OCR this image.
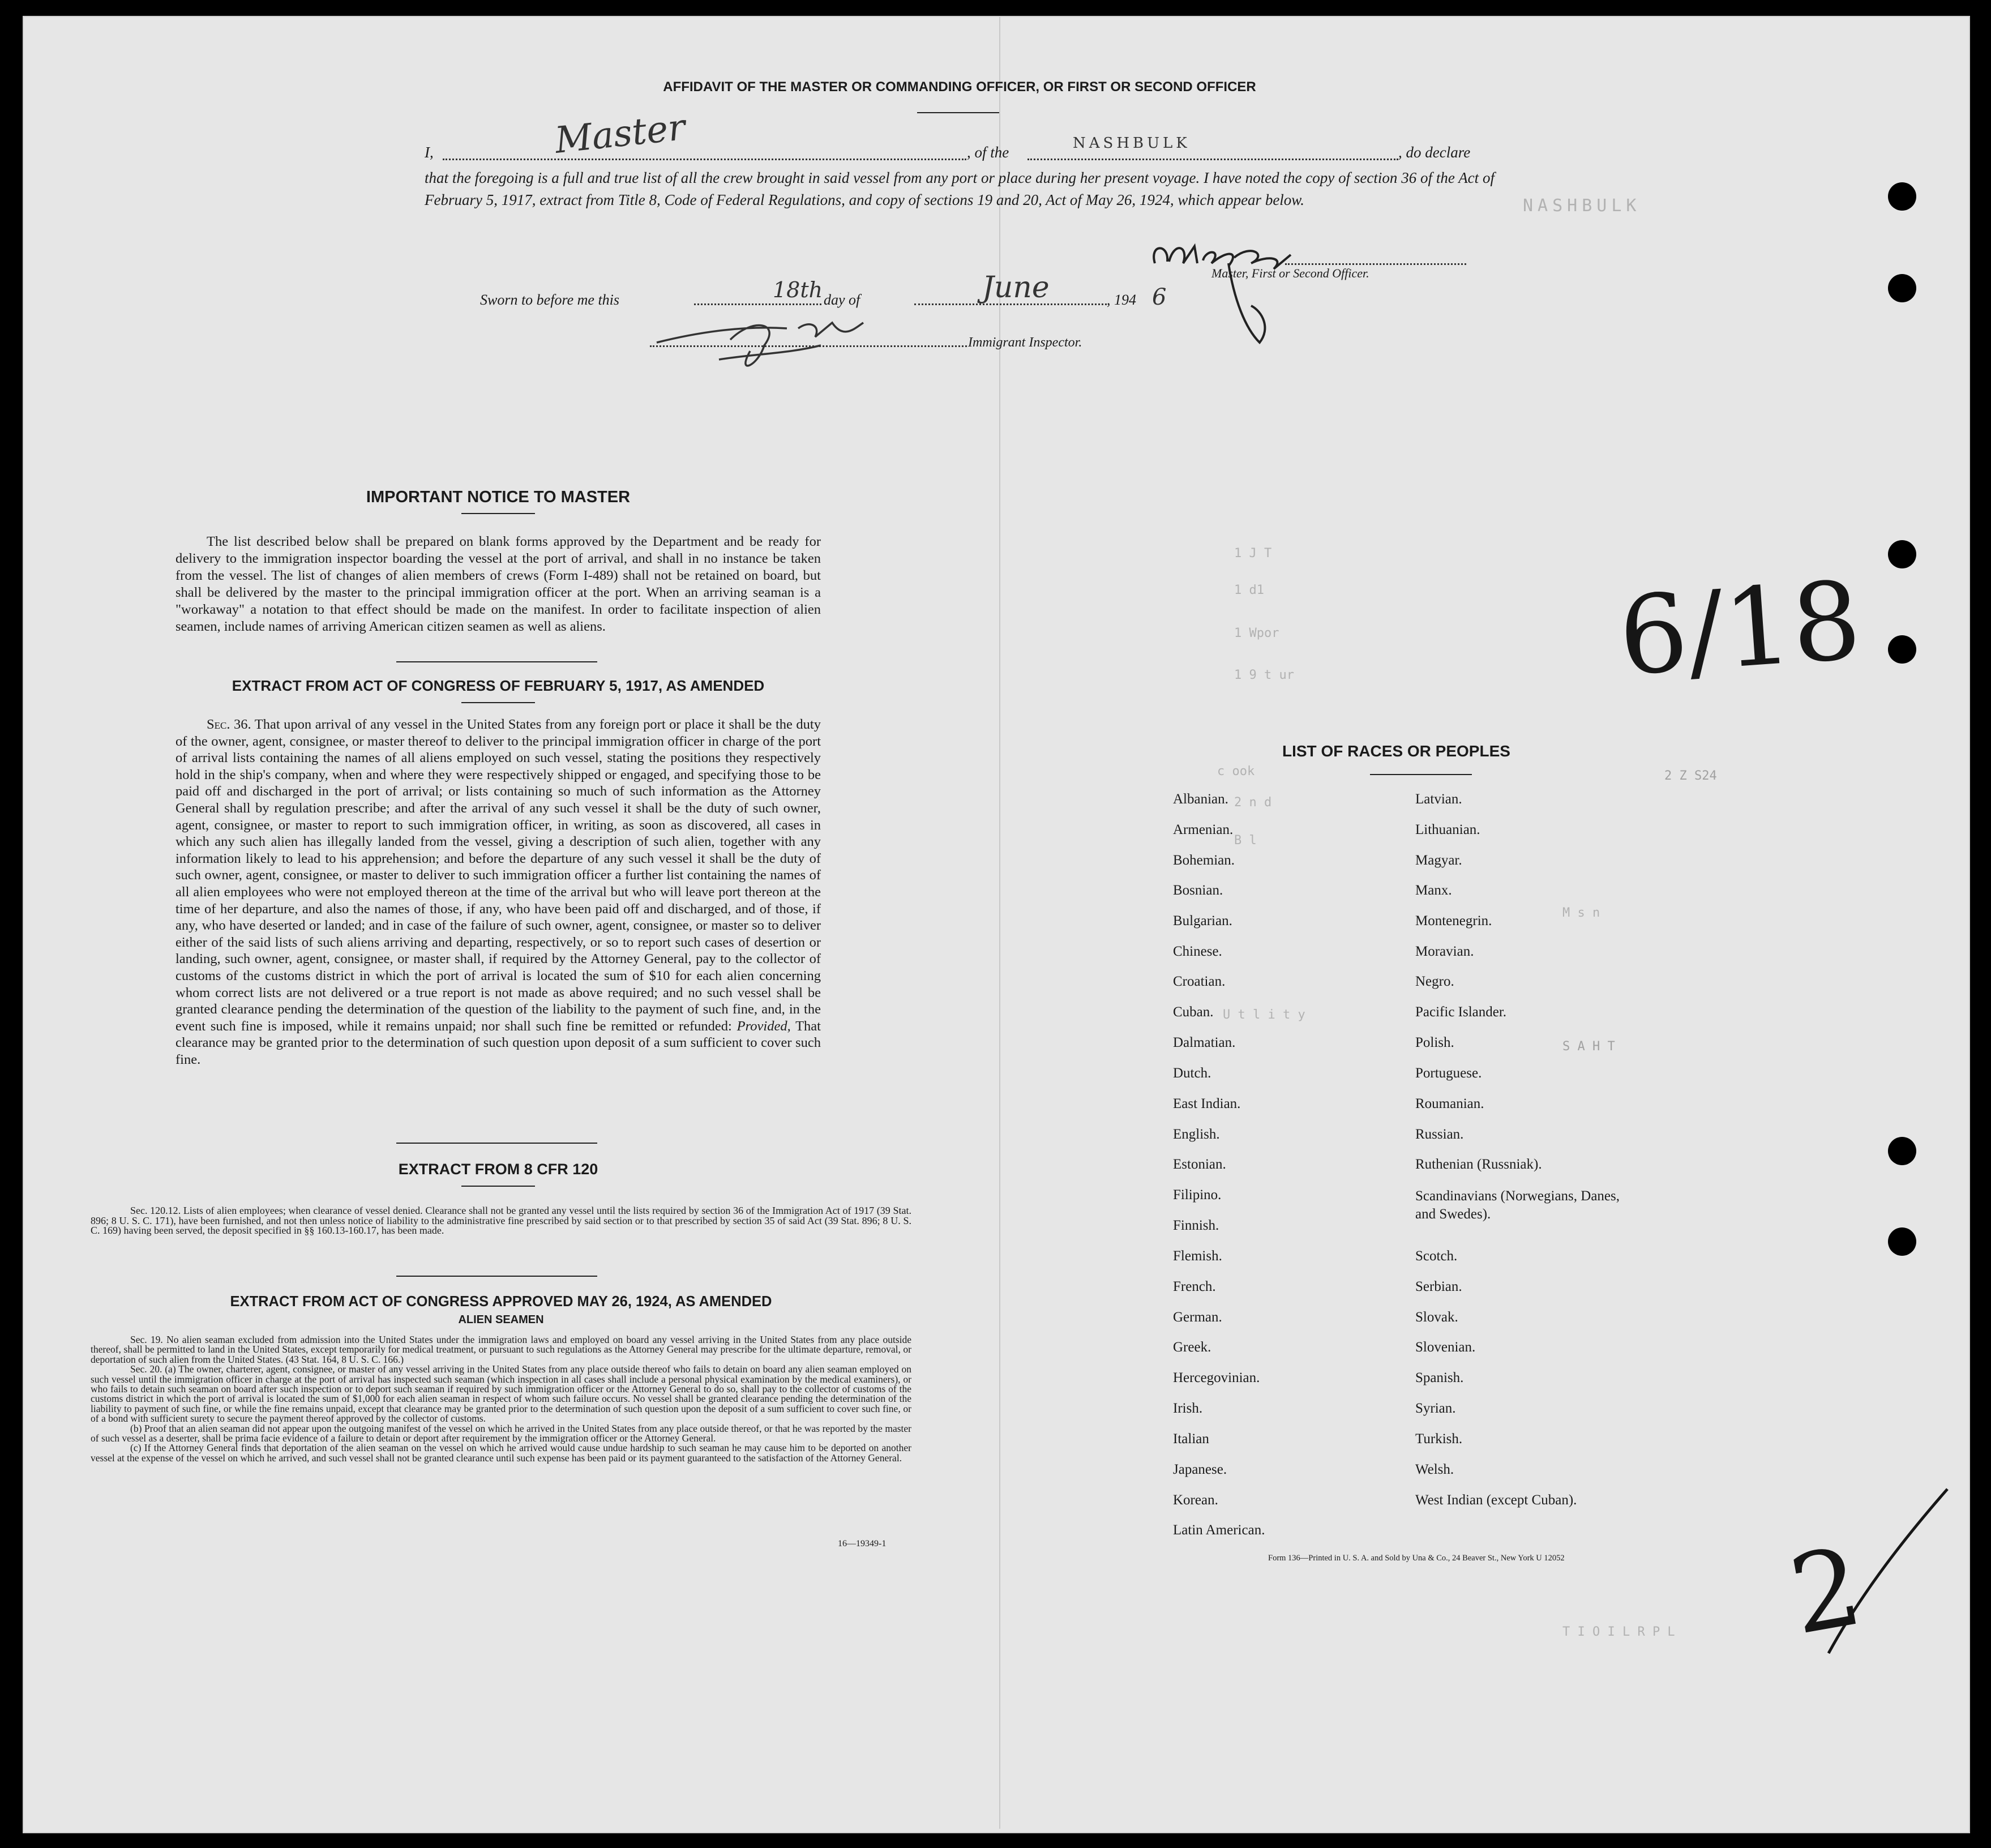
AFFIDAVIT OF THE MASTER OR COMMANDING OFFICER, OR FIRST OR SECOND OFFICER
I,	Master	, of the
NASHBULK
, do declare
that the foregoing is a full and true list of all the crew brought in said vessel from any port or place during her present voyage. I have noted the copy of section 36 of the Act of February 5, 1917, extract from Title 8, Code of Federal Regulations, and copy of sections 19 and 20, Act of May 26, 1924, which appear below.
Master, First or Second Officer.
Sworn to before me this	18th day of	June	, 194 6
Immigrant Inspector.
IMPORTANT NOTICE TO MASTER

The list described below shall be prepared on blank forms approved by the Department and be ready for delivery to the immigration inspector boarding the vessel at the port of arrival, and shall in no instance be taken from the vessel. The list of changes of alien members of crews (Form I-489) shall not be retained on board, but shall be delivered by the master to the principal immigration officer at the port. When an arriving seaman is a "workaway" a notation to that effect should be made on the manifest. In order to facilitate inspection of alien seamen, include names of arriving American citizen seamen as well as aliens.

EXTRACT FROM ACT OF CONGRESS OF FEBRUARY 5, 1917, AS AMENDED

Sec. 36. That upon arrival of any vessel in the United States from any foreign port or place it shall be the duty of the owner, agent, consignee, or master thereof to deliver to the principal immigration officer in charge of the port of arrival lists containing the names of all aliens employed on such vessel, stating the positions they respectively hold in the ship's company, when and where they were respectively shipped or engaged, and specifying those to be paid off and discharged in the port of arrival; or lists containing so much of such information as the Attorney General shall by regulation prescribe; and after the arrival of any such vessel it shall be the duty of such owner, agent, consignee, or master to report to such immigration officer, in writing, as soon as discovered, all cases in which any such alien has illegally landed from the vessel, giving a description of such alien, together with any information likely to lead to his apprehension; and before the departure of any such vessel it shall be the duty of such owner, agent, consignee, or master to deliver to such immigration officer a further list containing the names of all alien employees who were not employed thereon at the time of the arrival but who will leave port thereon at the time of her departure, and also the names of those, if any, who have been paid off and discharged, and of those, if any, who have deserted or landed; and in case of the failure of such owner, agent, consignee, or master so to deliver either of the said lists of such aliens arriving and departing, respectively, or so to report such cases of desertion or landing, such owner, agent, consignee, or master shall, if required by the Attorney General, pay to the collector of customs of the customs district in which the port of arrival is located the sum of $10 for each alien concerning whom correct lists are not delivered or a true report is not made as above required; and no such vessel shall be granted clearance pending the determination of the question of the liability to the payment of such fine, and, in the event such fine is imposed, while it remains unpaid; nor shall such fine be remitted or refunded: Provided, That clearance may be granted prior to the determination of such question upon deposit of a sum sufficient to cover such fine.

EXTRACT FROM 8 CFR 120

Sec. 120.12. Lists of alien employees; when clearance of vessel denied. Clearance shall not be granted any vessel until the lists required by section 36 of the Immigration Act of 1917 (39 Stat. 896; 8 U. S. C. 171), have been furnished, and not then unless notice of liability to the administrative fine prescribed by said section or to that prescribed by section 35 of said Act (39 Stat. 896; 8 U. S. C. 169) having been served, the deposit specified in §§ 160.13-160.17, has been made.

EXTRACT FROM ACT OF CONGRESS APPROVED MAY 26, 1924, AS AMENDED
ALIEN SEAMEN

Sec. 19. No alien seaman excluded from admission into the United States under the immigration laws and employed on board any vessel arriving in the United States from any place outside thereof, shall be permitted to land in the United States, except temporarily for medical treatment, or pursuant to such regulations as the Attorney General may prescribe for the ultimate departure, removal, or deportation of such alien from the United States. (43 Stat. 164, 8 U. S. C. 166.)

Sec. 20. (a) The owner, charterer, agent, consignee, or master of any vessel arriving in the United States from any place outside thereof who fails to detain on board any alien seaman employed on such vessel until the immigration officer in charge at the port of arrival has inspected such seaman (which inspection in all cases shall include a personal physical examination by the medical examiners), or who fails to detain such seaman on board after such inspection or to deport such seaman if required by such immigration officer or the Attorney General to do so, shall pay to the collector of customs of the customs district in which the port of arrival is located the sum of $1,000 for each alien seaman in respect of whom such failure occurs. No vessel shall be granted clearance pending the determination of the liability to payment of such fine, or while the fine remains unpaid, except that clearance may be granted prior to the determination of such question upon the deposit of a sum sufficient to cover such fine, or of a bond with sufficient surety to secure the payment thereof approved by the collector of customs.

(b) Proof that an alien seaman did not appear upon the outgoing manifest of the vessel on which he arrived in the United States from any place outside thereof, or that he was reported by the master of such vessel as a deserter, shall be prima facie evidence of a failure to detain or deport after requirement by the immigration officer or the Attorney General.

(c) If the Attorney General finds that deportation of the alien seaman on the vessel on which he arrived would cause undue hardship to such seaman he may cause him to be deported on another vessel at the expense of the vessel on which he arrived, and such vessel shall not be granted clearance until such expense has been paid or its payment guaranteed to the satisfaction of the Attorney General.

16—19349-1
NASHBULK
1 J T
1 d1
1 Wpor
1 9 t ur
c ook
2 n d
B l
2 Z S24
M s n
U t l i t y
S A H T
T I O I L R P L
LIST OF RACES OR PEOPLES
Albanian.
Armenian.
Bohemian.
Bosnian.
Bulgarian.
Chinese.
Croatian.
Cuban.
Dalmatian.
Dutch.
East Indian.
English.
Estonian.
Filipino.
Finnish.
Flemish.
French.
German.
Greek.
Hercegovinian.
Irish.
Italian
Japanese.
Korean.
Latin American.
Latvian.
Lithuanian.
Magyar.
Manx.
Montenegrin.
Moravian.
Negro.
Pacific Islander.
Polish.
Portuguese.
Roumanian.
Russian.
Ruthenian (Russniak).
Scandinavians (Norwegians, Danes, and Swedes).
Scotch.
Serbian.
Slovak.
Slovenian.
Spanish.
Syrian.
Turkish.
Welsh.
West Indian (except Cuban).
Form 136—Printed in U. S. A. and Sold by Una & Co., 24 Beaver St., New York U 12052
6/18
2
